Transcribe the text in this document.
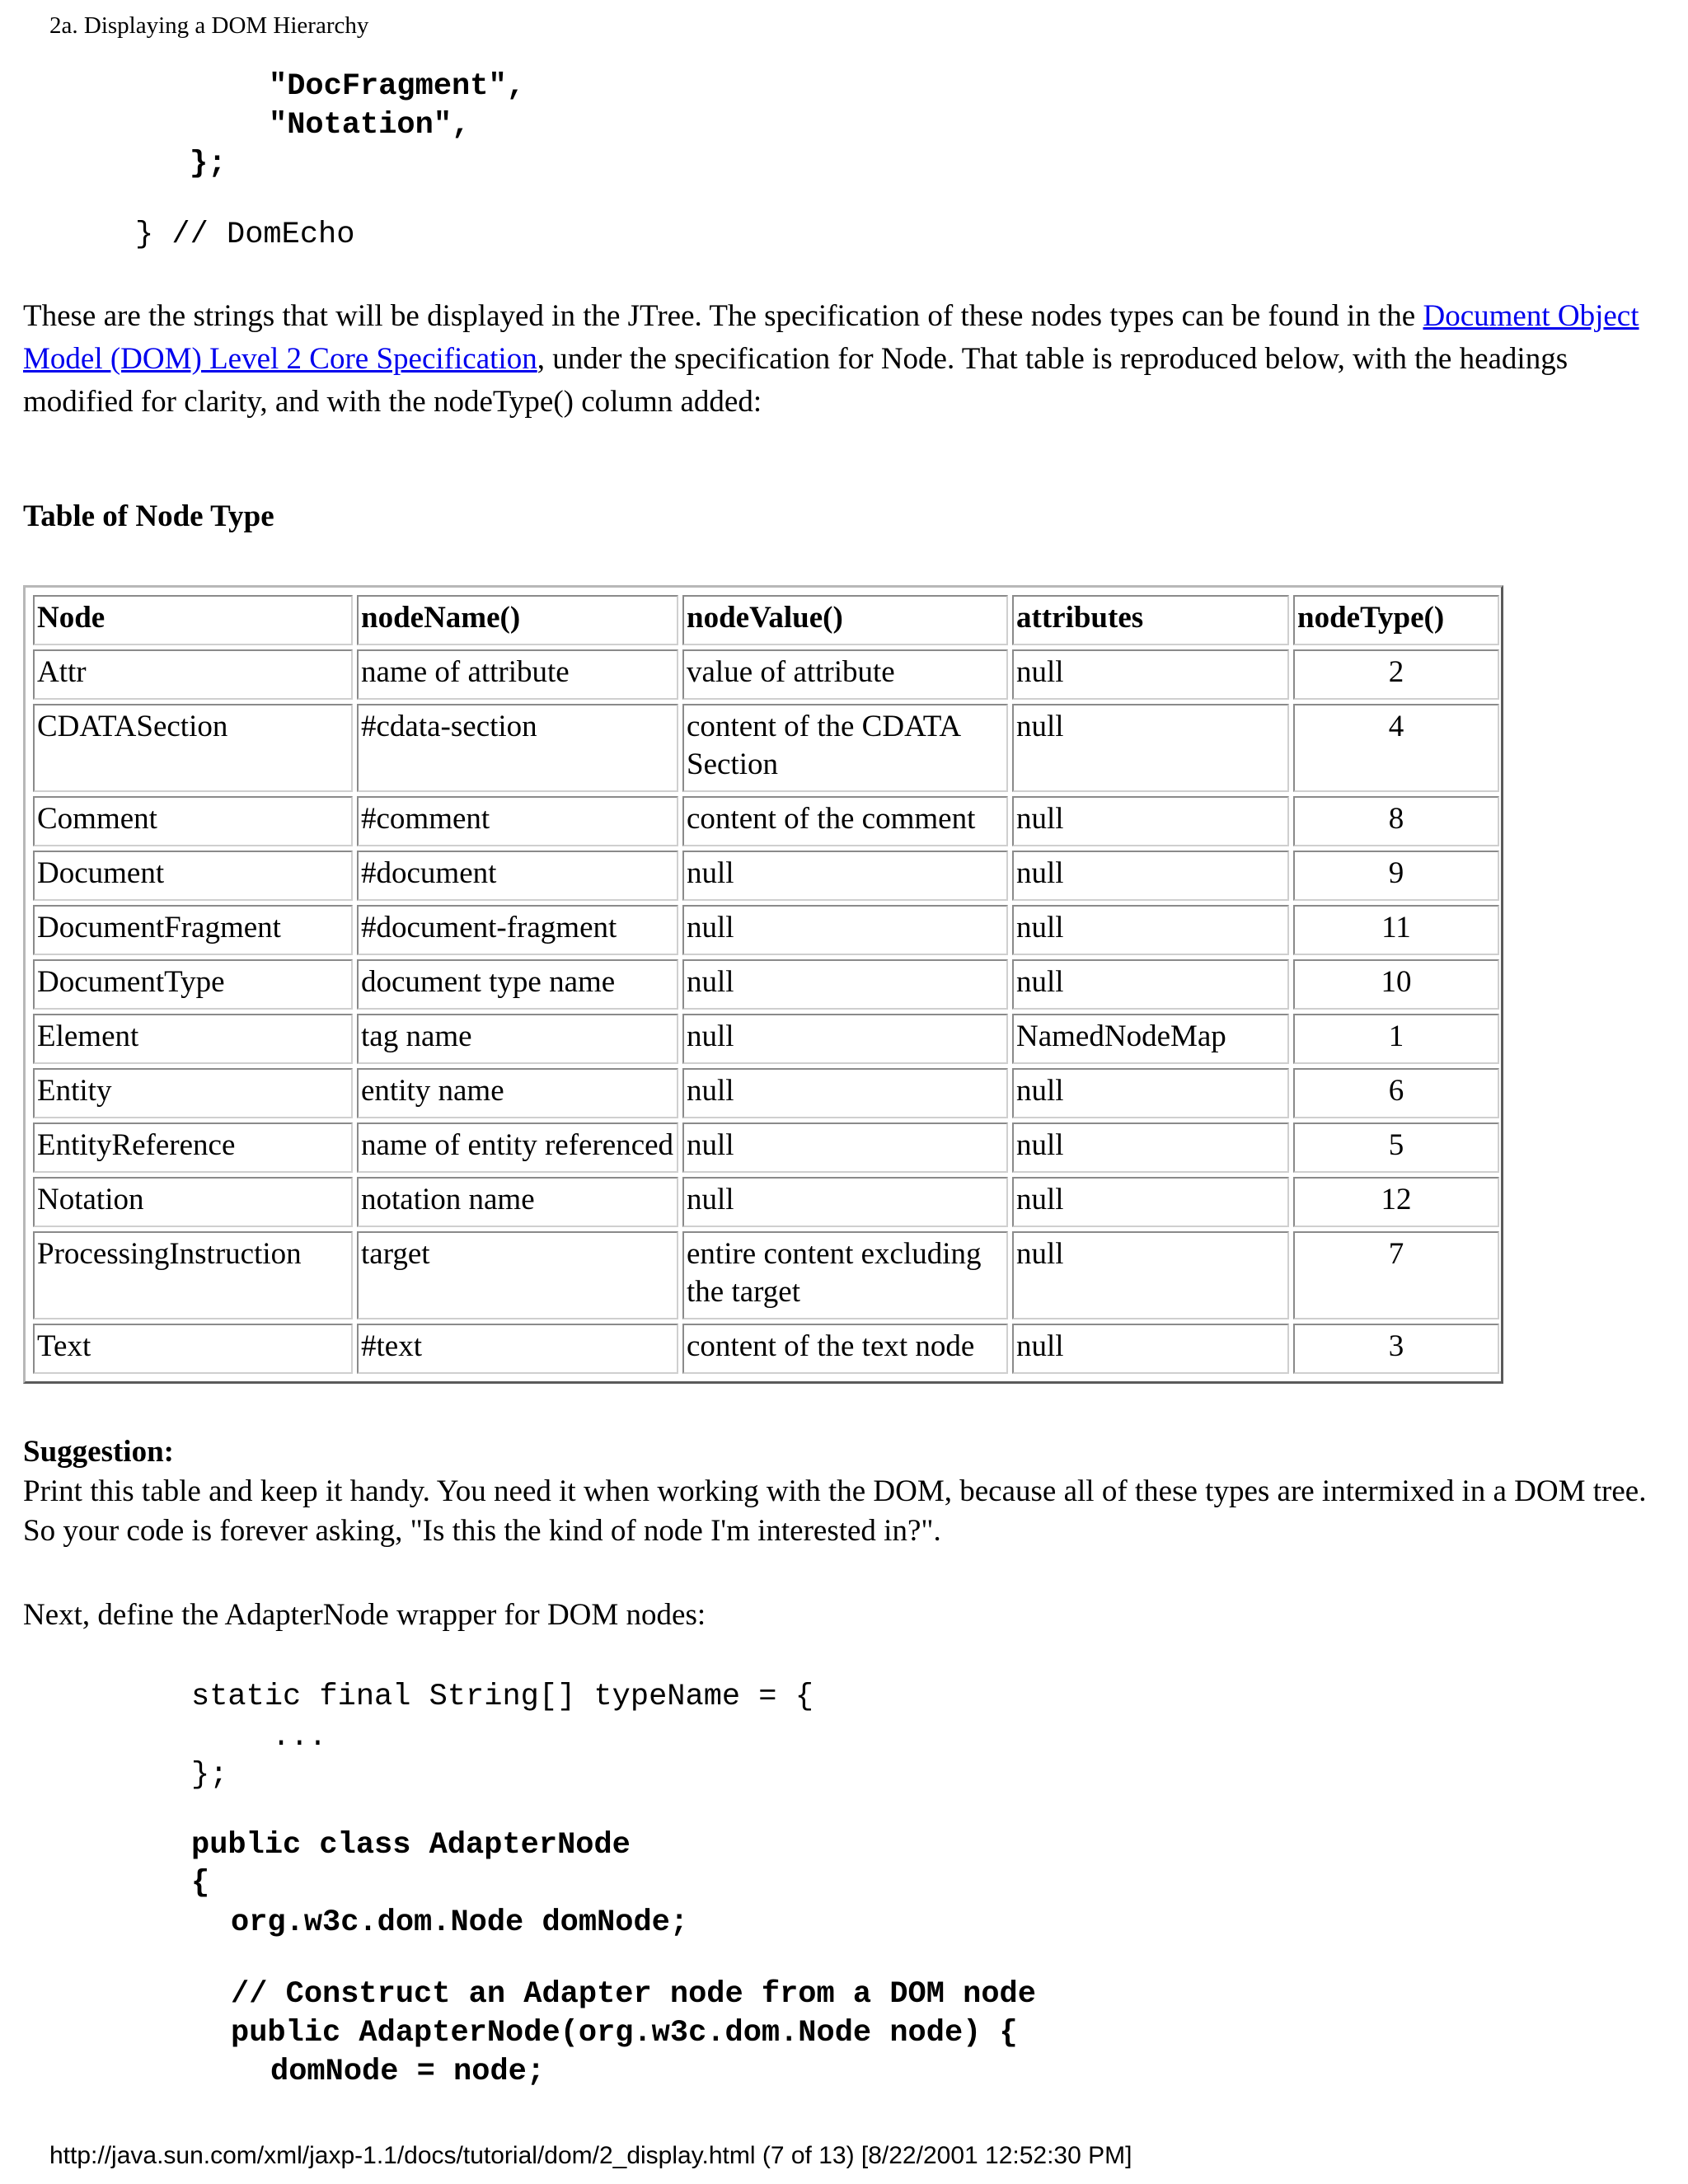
2a. Displaying a DOM Hierarchy
"DocFragment",
"Notation",
};
} // DomEcho
These are the strings that will be displayed in the JTree. The specification of these nodes types can be found in the Document Object Model (DOM) Level 2 Core Specification, under the specification for Node. That table is reproduced below, with the headings modified for clarity, and with the nodeType() column added:
Table of Node Type
Node	nodeName()	nodeValue()	attributes	nodeType()
Attr	name of attribute	value of attribute	null	2
CDATASection	#cdata-section	content of the CDATA Section	null	4
Comment	#comment	content of the comment	null	8
Document	#document	null	null	9
DocumentFragment	#document-fragment	null	null	11
DocumentType	document type name	null	null	10
Element	tag name	null	NamedNodeMap	1
Entity	entity name	null	null	6
EntityReference	name of entity referenced	null	null	5
Notation	notation name	null	null	12
ProcessingInstruction	target	entire content excluding the target	null	7
Text	#text	content of the text node	null	3
Suggestion:
Print this table and keep it handy. You need it when working with the DOM, because all of these types are intermixed in a DOM tree. So your code is forever asking, "Is this the kind of node I'm interested in?".
Next, define the AdapterNode wrapper for DOM nodes:
static final String[] typeName = {
...
};
public class AdapterNode
{
org.w3c.dom.Node domNode;
// Construct an Adapter node from a DOM node
public AdapterNode(org.w3c.dom.Node node) {
domNode = node;
http://java.sun.com/xml/jaxp-1.1/docs/tutorial/dom/2_display.html (7 of 13) [8/22/2001 12:52:30 PM]
